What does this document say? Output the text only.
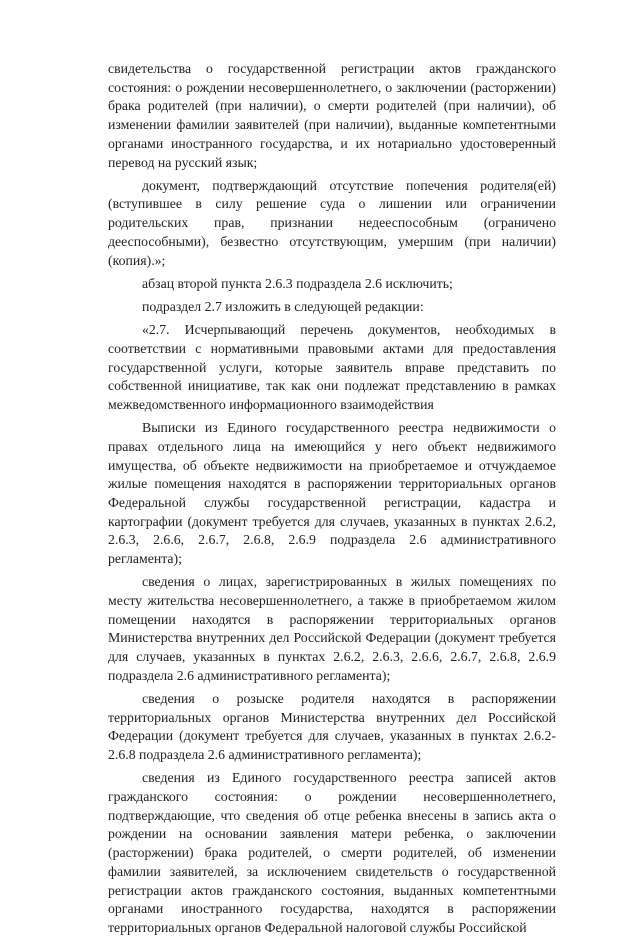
свидетельства о государственной регистрации актов гражданского состояния: о рождении несовершеннолетнего, о заключении (расторжении) брака родителей (при наличии), о смерти родителей (при наличии), об изменении фамилии заявителей (при наличии), выданные компетентными органами иностранного государства, и их нотариально удостоверенный перевод на русский язык;

документ, подтверждающий отсутствие попечения родителя(ей) (вступившее в силу решение суда о лишении или ограничении родительских прав, признании недееспособным (ограничено дееспособными), безвестно отсутствующим, умершим (при наличии) (копия).»;

абзац второй пункта 2.6.3 подраздела 2.6 исключить;

подраздел 2.7 изложить в следующей редакции:

«2.7. Исчерпывающий перечень документов, необходимых в соответствии с нормативными правовыми актами для предоставления государственной услуги, которые заявитель вправе представить по собственной инициативе, так как они подлежат представлению в рамках межведомственного информационного взаимодействия

Выписки из Единого государственного реестра недвижимости о правах отдельного лица на имеющийся у него объект недвижимого имущества, об объекте недвижимости на приобретаемое и отчуждаемое жилые помещения находятся в распоряжении территориальных органов Федеральной службы государственной регистрации, кадастра и картографии (документ требуется для случаев, указанных в пунктах 2.6.2, 2.6.3, 2.6.6, 2.6.7, 2.6.8, 2.6.9 подраздела 2.6 административного регламента);

сведения о лицах, зарегистрированных в жилых помещениях по месту жительства несовершеннолетнего, а также в приобретаемом жилом помещении находятся в распоряжении территориальных органов Министерства внутренних дел Российской Федерации (документ требуется для случаев, указанных в пунктах 2.6.2, 2.6.3, 2.6.6, 2.6.7, 2.6.8, 2.6.9 подраздела 2.6 административного регламента);

сведения о розыске родителя находятся в распоряжении территориальных органов Министерства внутренних дел Российской Федерации (документ требуется для случаев, указанных в пунктах 2.6.2-2.6.8 подраздела 2.6 административного регламента);

сведения из Единого государственного реестра записей актов гражданского состояния: о рождении несовершеннолетнего, подтверждающие, что сведения об отце ребенка внесены в запись акта о рождении на основании заявления матери ребенка, о заключении (расторжении) брака родителей, о смерти родителей, об изменении фамилии заявителей, за исключением свидетельств о государственной регистрации актов гражданского состояния, выданных компетентными органами иностранного государства, находятся в распоряжении территориальных органов Федеральной налоговой службы Российской
